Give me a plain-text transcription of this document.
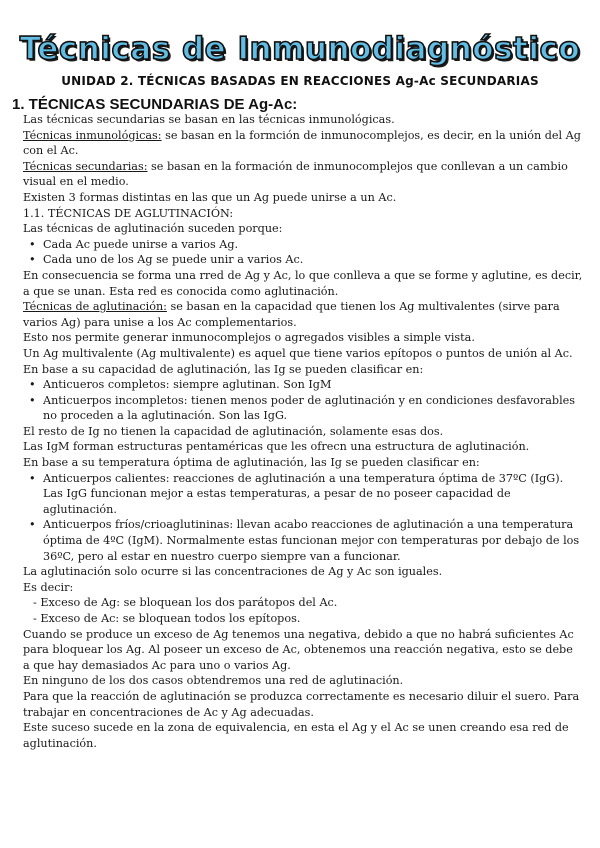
Técnicas de Inmunodiagnóstico
UNIDAD 2. TÉCNICAS BASADAS EN REACCIONES Ag-Ac SECUNDARIAS
1. TÉCNICAS SECUNDARIAS DE Ag-Ac:

Las técnicas secundarias se basan en las técnicas inmunológicas.

Técnicas inmunológicas: se basan en la formción de inmunocomplejos, es decir, en la unión del Ag con el Ac.

Técnicas secundarias: se basan en la formación de inmunocomplejos que conllevan a un cambio visual en el medio.

Existen 3 formas distintas en las que un Ag puede unirse a un Ac.

1.1. TÉCNICAS DE AGLUTINACIÓN:

Las técnicas de aglutinación suceden porque:

• Cada Ac puede unirse a varios Ag.
• Cada uno de los Ag se puede unir a varios Ac.

En consecuencia se forma una rred de Ag y Ac, lo que conlleva a que se forme y aglutine, es decir, a que se unan. Esta red es conocida como aglutinación.

Técnicas de aglutinación: se basan en la capacidad que tienen los Ag multivalentes (sirve para varios Ag) para unise a los Ac complementarios.

Esto nos permite generar inmunocomplejos o agregados visibles a simple vista.

Un Ag multivalente (Ag multivalente) es aquel que tiene varios epítopos o puntos de unión al Ac.

En base a su capacidad de aglutinación, las Ig se pueden clasificar en:

• Anticueros completos: siempre aglutinan. Son IgM
• Anticuerpos incompletos: tienen menos poder de aglutinación y en condiciones desfavorables no proceden a la aglutinación. Son las IgG.

El resto de Ig no tienen la capacidad de aglutinación, solamente esas dos.

Las IgM forman estructuras pentaméricas que les ofrecn una estructura de aglutinación.

En base a su temperatura óptima de aglutinación, las Ig se pueden clasificar en:

• Anticuerpos calientes: reacciones de aglutinación a una temperatura óptima de 37ºC (IgG). Las IgG funcionan mejor a estas temperaturas, a pesar de no poseer capacidad de aglutinación.
• Anticuerpos fríos/crioaglutininas: llevan acabo reacciones de aglutinación a una temperatura óptima de 4ºC (IgM). Normalmente estas funcionan mejor con temperaturas por debajo de los 36ºC, pero al estar en nuestro cuerpo siempre van a funcionar.

La aglutinación solo ocurre si las concentraciones de Ag y Ac son iguales.

Es decir:

- Exceso de Ag: se bloquean los dos parátopos del Ac.

- Exceso de Ac: se bloquean todos los epítopos.

Cuando se produce un exceso de Ag tenemos una negativa, debido a que no habrá suficientes Ac para bloquear los Ag. Al poseer un exceso de Ac, obtenemos una reacción negativa, esto se debe a que hay demasiados Ac para uno o varios Ag.

En ninguno de los dos casos obtendremos una red de aglutinación.

Para que la reacción de aglutinación se produzca correctamente es necesario diluir el suero. Para trabajar en concentraciones de Ac y Ag adecuadas.

Este suceso sucede en la zona de equivalencia, en esta el Ag y el Ac se unen creando esa red de aglutinación.
